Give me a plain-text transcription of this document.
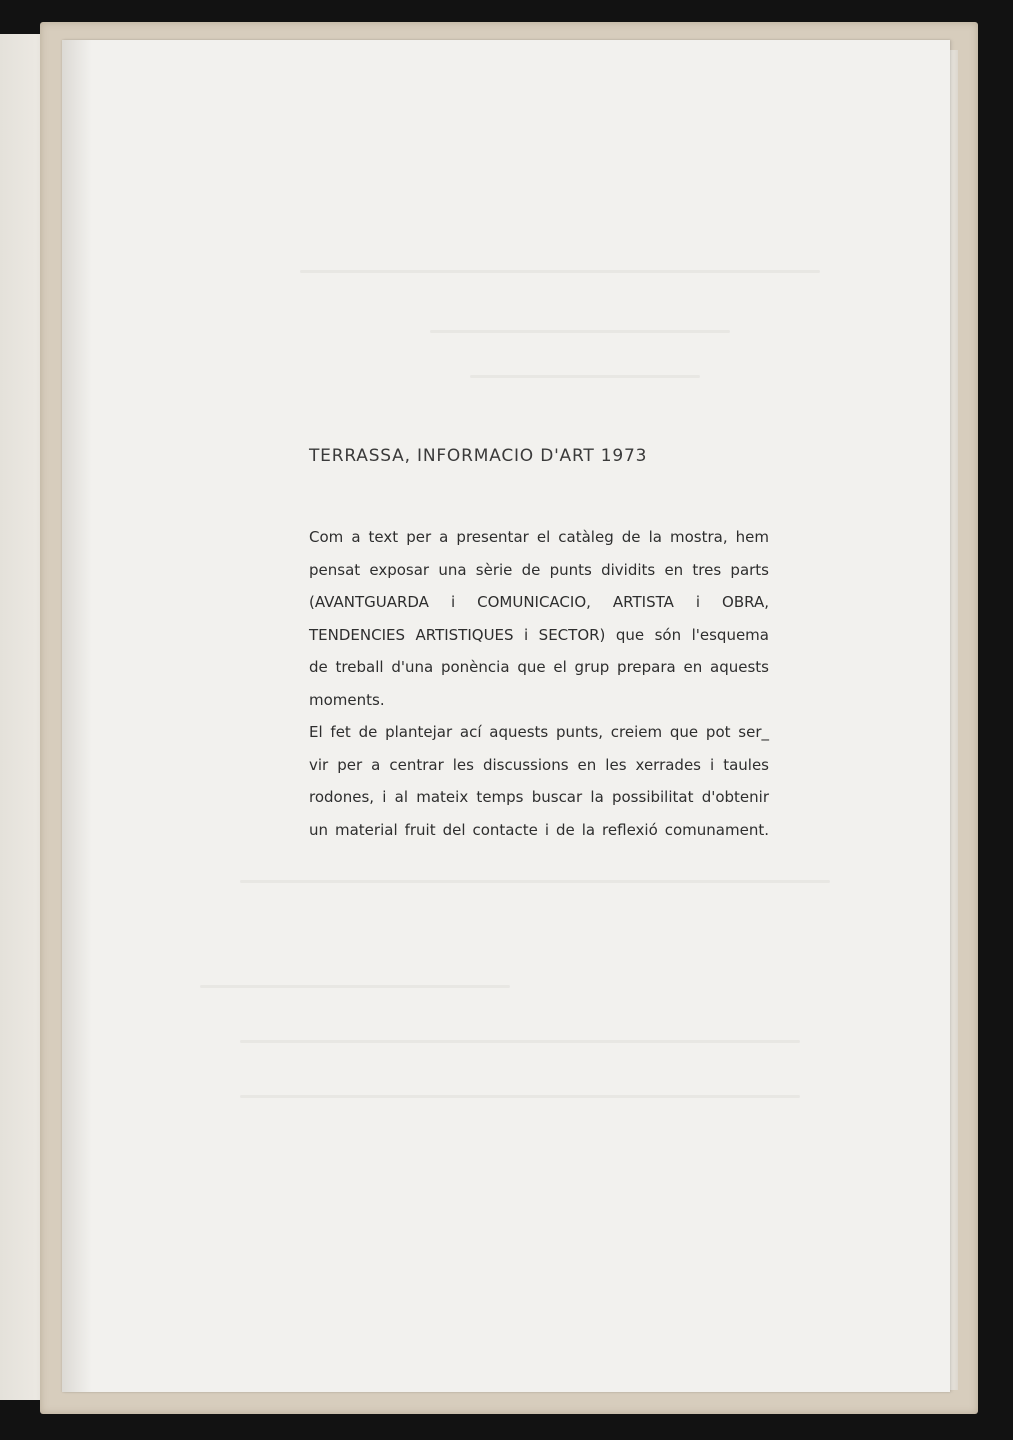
TERRASSA, INFORMACIO D'ART 1973
Com a text per a presentar el catàleg de la mostra, hem
pensat exposar una sèrie de punts dividits en tres parts
(AVANTGUARDA i COMUNICACIO, ARTISTA i OBRA,
TENDENCIES ARTISTIQUES i SECTOR) que són l'esquema
de treball d'una ponència que el grup prepara en aquests
moments.
El fet de plantejar ací aquests punts, creiem que pot ser_
vir per a centrar les discussions en les xerrades i taules
rodones, i al mateix temps buscar la possibilitat d'obtenir
un material fruit del contacte i de la reflexió comunament.
